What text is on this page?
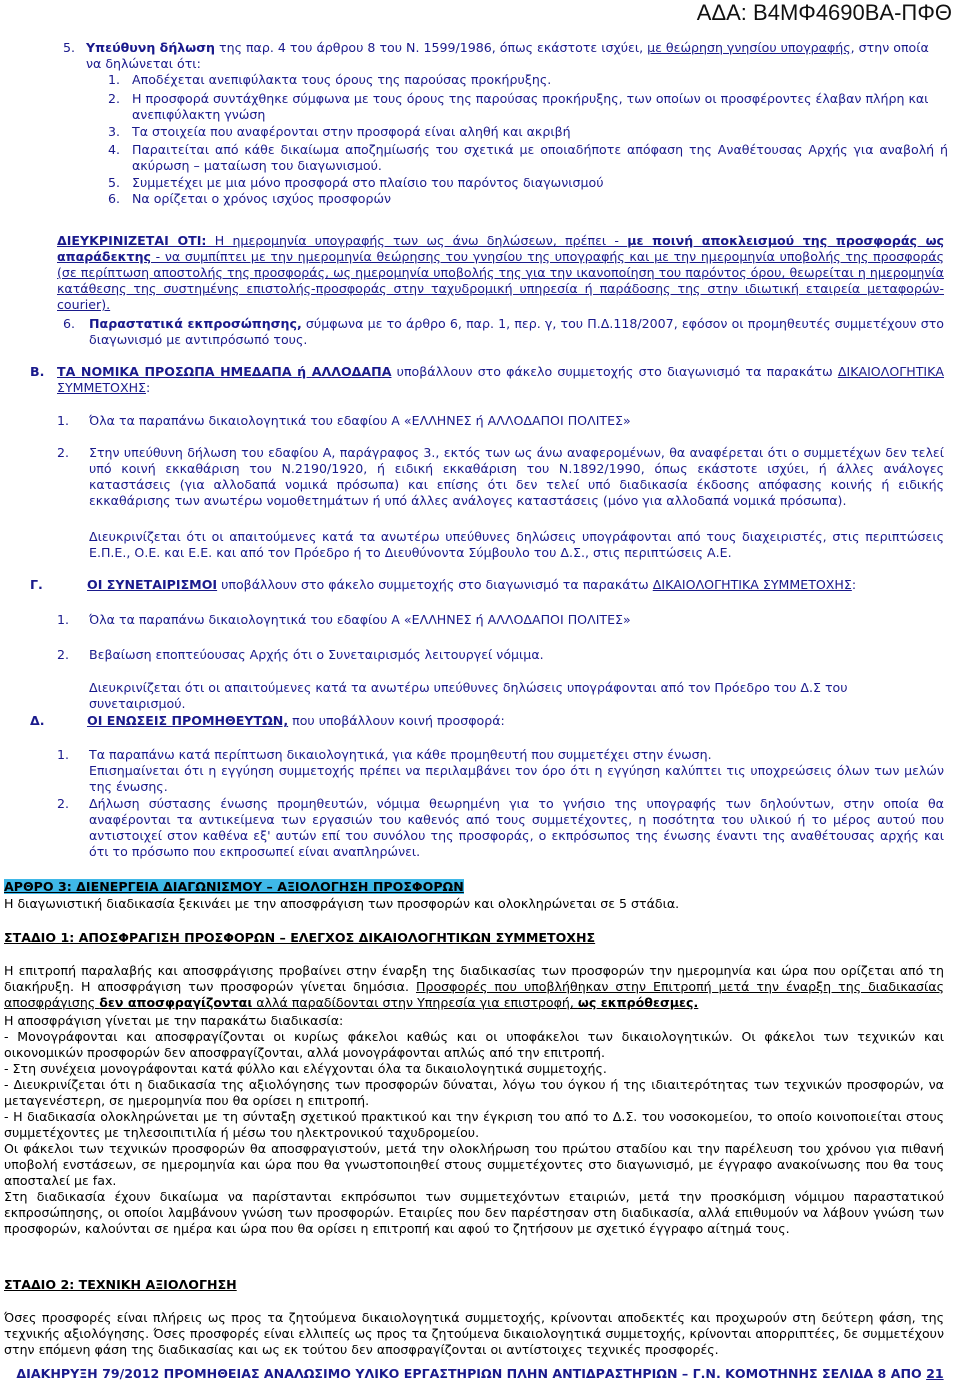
ΑΔΑ: Β4ΜΦ4690ΒΑ-ΠΦΘ
5. Υπεύθυνη δήλωση της παρ. 4 του άρθρου 8 του Ν. 1599/1986, όπως εκάστοτε ισχύει, με θεώρηση γνησίου υπογραφής, στην οποία να δηλώνεται ότι:
1. Αποδέχεται ανεπιφύλακτα τους όρους της παρούσας προκήρυξης.
2. Η προσφορά συντάχθηκε σύμφωνα με τους όρους της παρούσας προκήρυξης, των οποίων οι προσφέροντες έλαβαν πλήρη και ανεπιφύλακτη γνώση
3. Τα στοιχεία που αναφέρονται στην προσφορά είναι αληθή και ακριβή
4. Παραιτείται από κάθε δικαίωμα αποζημίωσής του σχετικά με οποιαδήποτε απόφαση της Αναθέτουσας Αρχής για αναβολή ή ακύρωση – ματαίωση του διαγωνισμού.
5. Συμμετέχει με μια μόνο προσφορά στο πλαίσιο του παρόντος διαγωνισμού
6. Να ορίζεται ο χρόνος ισχύος προσφορών
ΔΙΕΥΚΡΙΝΙΖΕΤΑΙ ΟΤΙ: Η ημερομηνία υπογραφής των ως άνω δηλώσεων, πρέπει - με ποινή αποκλεισμού της προσφοράς ως απαράδεκτης - να συμπίπτει με την ημερομηνία θεώρησης του γνησίου της υπογραφής και με την ημερομηνία υποβολής της προσφοράς (σε περίπτωση αποστολής της προσφοράς, ως ημερομηνία υποβολής της για την ικανοποίηση του παρόντος όρου, θεωρείται η ημερομηνία κατάθεσης της συστημένης επιστολής-προσφοράς στην ταχυδρομική υπηρεσία ή παράδοσης της στην ιδιωτική εταιρεία μεταφορών-courier).
6. Παραστατικά εκπροσώπησης, σύμφωνα με το άρθρο 6, παρ. 1, περ. γ, του Π.Δ.118/2007, εφόσον οι προμηθευτές συμμετέχουν στο διαγωνισμό με αντιπρόσωπό τους.
Β. ΤΑ ΝΟΜΙΚΑ ΠΡΟΣΩΠΑ ΗΜΕΔΑΠΑ ή ΑΛΛΟΔΑΠΑ υποβάλλουν στο φάκελο συμμετοχής στο διαγωνισμό τα παρακάτω ΔΙΚΑΙΟΛΟΓΗΤΙΚΑ ΣΥΜΜΕΤΟΧΗΣ:
1. Όλα τα παραπάνω δικαιολογητικά του εδαφίου Α «ΕΛΛΗΝΕΣ ή ΑΛΛΟΔΑΠΟΙ ΠΟΛΙΤΕΣ»
2. Στην υπεύθυνη δήλωση του εδαφίου Α, παράγραφος 3., εκτός των ως άνω αναφερομένων, θα αναφέρεται ότι ο συμμετέχων δεν τελεί υπό κοινή εκκαθάριση του Ν.2190/1920, ή ειδική εκκαθάριση του Ν.1892/1990, όπως εκάστοτε ισχύει, ή άλλες ανάλογες καταστάσεις (για αλλοδαπά νομικά πρόσωπα) και επίσης ότι δεν τελεί υπό διαδικασία έκδοσης απόφασης κοινής ή ειδικής εκκαθάρισης των ανωτέρω νομοθετημάτων ή υπό άλλες ανάλογες καταστάσεις (μόνο για αλλοδαπά νομικά πρόσωπα).
Διευκρινίζεται ότι οι απαιτούμενες κατά τα ανωτέρω υπεύθυνες δηλώσεις υπογράφονται από τους διαχειριστές, στις περιπτώσεις Ε.Π.Ε., Ο.Ε. και Ε.Ε. και από τον Πρόεδρο ή το Διευθύνοντα Σύμβουλο του Δ.Σ., στις περιπτώσεις Α.Ε.
Γ.	ΟΙ ΣΥΝΕΤΑΙΡΙΣΜΟΙ υποβάλλουν στο φάκελο συμμετοχής στο διαγωνισμό τα παρακάτω ΔΙΚΑΙΟΛΟΓΗΤΙΚΑ ΣΥΜΜΕΤΟΧΗΣ:
1. Όλα τα παραπάνω δικαιολογητικά του εδαφίου Α «ΕΛΛΗΝΕΣ ή ΑΛΛΟΔΑΠΟΙ ΠΟΛΙΤΕΣ»
2. Βεβαίωση εποπτεύουσας Αρχής ότι ο Συνεταιρισμός λειτουργεί νόμιμα.
Διευκρινίζεται ότι οι απαιτούμενες κατά τα ανωτέρω υπεύθυνες δηλώσεις υπογράφονται από τον Πρόεδρο του Δ.Σ του συνεταιρισμού.
Δ.	ΟΙ ΕΝΩΣΕΙΣ ΠΡΟΜΗΘΕΥΤΩΝ, που υποβάλλουν κοινή προσφορά:
1. Τα παραπάνω κατά περίπτωση δικαιολογητικά, για κάθε προμηθευτή που συμμετέχει στην ένωση.
Επισημαίνεται ότι η εγγύηση συμμετοχής πρέπει να περιλαμβάνει τον όρο ότι η εγγύηση καλύπτει τις υποχρεώσεις όλων των μελών της ένωσης.
2. Δήλωση σύστασης ένωσης προμηθευτών, νόμιμα θεωρημένη για το γνήσιο της υπογραφής των δηλούντων, στην οποία θα αναφέρονται τα αντικείμενα των εργασιών του καθενός από τους συμμετέχοντες, η ποσότητα του υλικού ή το μέρος αυτού που αντιστοιχεί στον καθένα εξ' αυτών επί του συνόλου της προσφοράς, ο εκπρόσωπος της ένωσης έναντι της αναθέτουσας αρχής και ότι το πρόσωπο που εκπροσωπεί είναι αναπληρώνει.
ΑΡΘΡΟ 3: ΔΙΕΝΕΡΓΕΙΑ ΔΙΑΓΩΝΙΣΜΟΥ – ΑΞΙΟΛΟΓΗΣΗ ΠΡΟΣΦΟΡΩΝ
Η διαγωνιστική διαδικασία ξεκινάει με την αποσφράγιση των προσφορών και ολοκληρώνεται σε 5 στάδια.
ΣΤΑΔΙΟ 1: ΑΠΟΣΦΡΑΓΙΣΗ ΠΡΟΣΦΟΡΩΝ – ΕΛΕΓΧΟΣ ΔΙΚΑΙΟΛΟΓΗΤΙΚΩΝ ΣΥΜΜΕΤΟΧΗΣ
Η επιτροπή παραλαβής και αποσφράγισης προβαίνει στην έναρξη της διαδικασίας των προσφορών την ημερομηνία και ώρα που ορίζεται από τη διακήρυξη. Η αποσφράγιση των προσφορών γίνεται δημόσια. Προσφορές που υποβλήθηκαν στην Επιτροπή μετά την έναρξη της διαδικασίας αποσφράγισης δεν αποσφραγίζονται αλλά παραδίδονται στην Υπηρεσία για επιστροφή, ως εκπρόθεσμες.

Η αποσφράγιση γίνεται με την παρακάτω διαδικασία:

- Μονογράφονται και αποσφραγίζονται οι κυρίως φάκελοι καθώς και οι υποφάκελοι των δικαιολογητικών. Οι φάκελοι των τεχνικών και οικονομικών προσφορών δεν αποσφραγίζονται, αλλά μονογράφονται απλώς από την επιτροπή.

- Στη συνέχεια μονογράφονται κατά φύλλο και ελέγχονται όλα τα δικαιολογητικά συμμετοχής.

- Διευκρινίζεται ότι η διαδικασία της αξιολόγησης των προσφορών δύναται, λόγω του όγκου ή της ιδιαιτερότητας των τεχνικών προσφορών, να μεταγενέστερη, σε ημερομηνία που θα ορίσει η επιτροπή.

- Η διαδικασία ολοκληρώνεται με τη σύνταξη σχετικού πρακτικού και την έγκριση του από το Δ.Σ. του νοσοκομείου, το οποίο κοινοποιείται στους συμμετέχοντες με τηλεσοιπιτιλία ή μέσω του ηλεκτρονικού ταχυδρομείου.

Οι φάκελοι των τεχνικών προσφορών θα αποσφραγιστούν, μετά την ολοκλήρωση του πρώτου σταδίου και την παρέλευση του χρόνου για πιθανή υποβολή ενστάσεων, σε ημερομηνία και ώρα που θα γνωστοποιηθεί στους συμμετέχοντες στο διαγωνισμό, με έγγραφο ανακοίνωσης που θα τους αποσταλεί με fax.

Στη διαδικασία έχουν δικαίωμα να παρίστανται εκπρόσωποι των συμμετεχόντων εταιριών, μετά την προσκόμιση νόμιμου παραστατικού εκπροσώπησης, οι οποίοι λαμβάνουν γνώση των προσφορών. Εταιρίες που δεν παρέστησαν στη διαδικασία, αλλά επιθυμούν να λάβουν γνώση των προσφορών, καλούνται σε ημέρα και ώρα που θα ορίσει η επιτροπή και αφού το ζητήσουν με σχετικό έγγραφο αίτημά τους.

ΣΤΑΔΙΟ 2: ΤΕΧΝΙΚΗ ΑΞΙΟΛΟΓΗΣΗ
Όσες προσφορές είναι πλήρεις ως προς τα ζητούμενα δικαιολογητικά συμμετοχής, κρίνονται αποδεκτές και προχωρούν στη δεύτερη φάση, της τεχνικής αξιολόγησης. Όσες προσφορές είναι ελλιπείς ως προς τα ζητούμενα δικαιολογητικά συμμετοχής, κρίνονται απορριπτέες, δε συμμετέχουν στην επόμενη φάση της διαδικασίας και ως εκ τούτου δεν αποσφραγίζονται οι αντίστοιχες τεχνικές προσφορές.
ΔΙΑΚΗΡΥΞΗ 79/2012 ΠΡΟΜΗΘΕΙΑΣ ΑΝΑΛΩΣΙΜΟ ΥΛΙΚΟ ΕΡΓΑΣΤΗΡΙΩΝ ΠΛΗΝ ΑΝΤΙΔΡΑΣΤΗΡΙΩΝ – Γ.Ν. ΚΟΜΟΤΗΝΗΣ ΣΕΛΙΔΑ 8 ΑΠΟ 21
